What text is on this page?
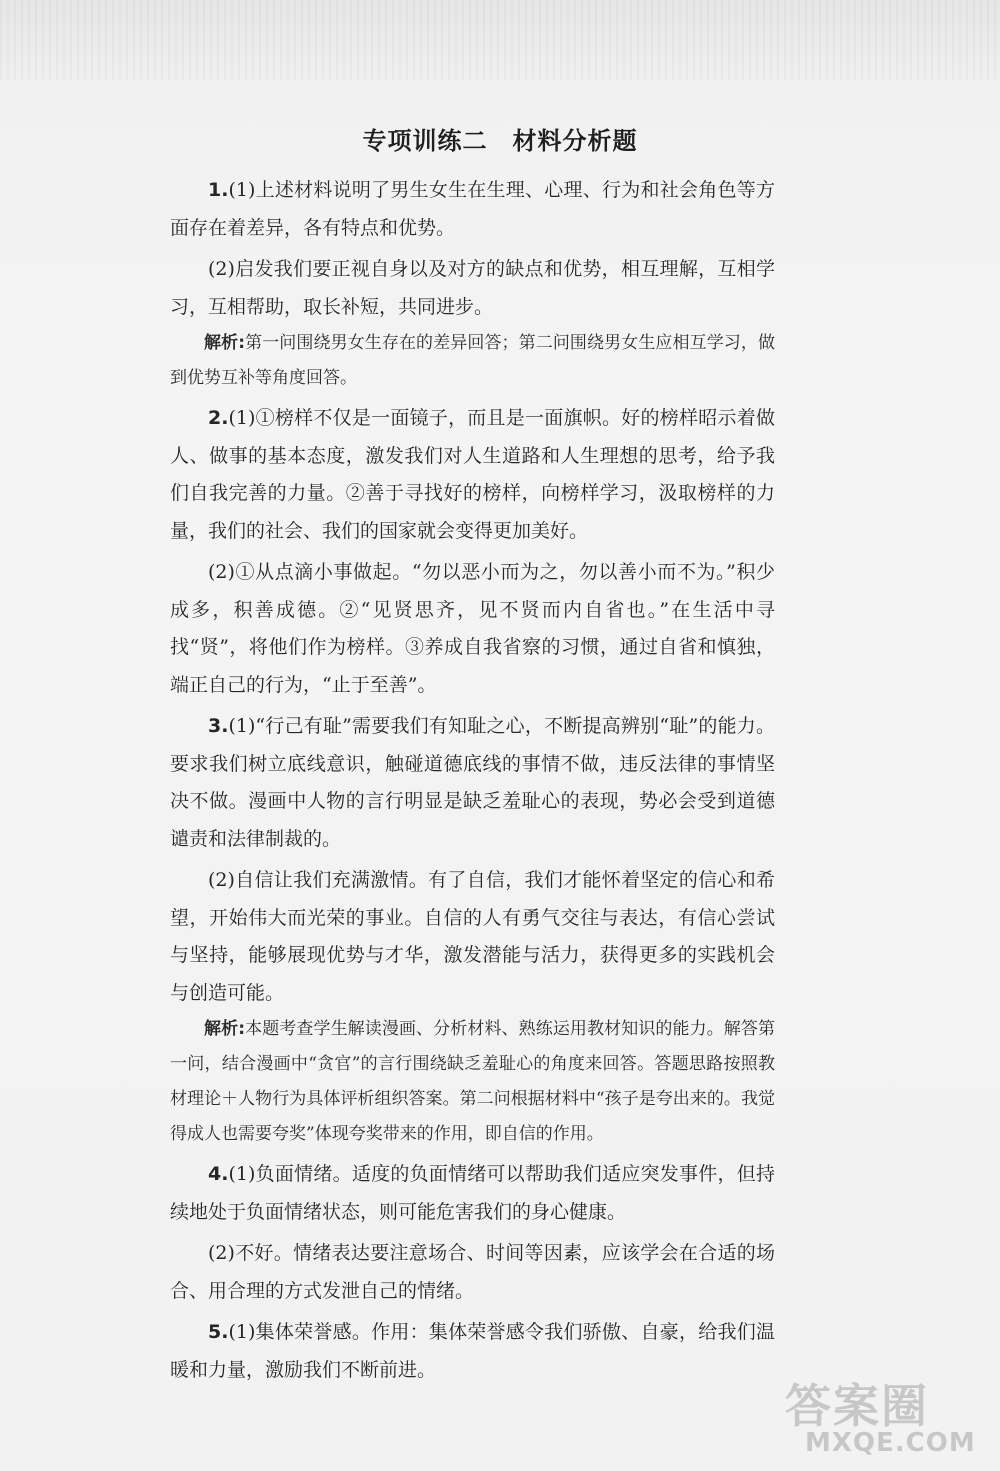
专项训练二　材料分析题

1.(1)上述材料说明了男生女生在生理、心理、行为和社会角色等方面存在着差异，各有特点和优势。

(2)启发我们要正视自身以及对方的缺点和优势，相互理解，互相学习，互相帮助，取长补短，共同进步。

解析:第一问围绕男女生存在的差异回答；第二问围绕男女生应相互学习，做到优势互补等角度回答。

2.(1)①榜样不仅是一面镜子，而且是一面旗帜。好的榜样昭示着做人、做事的基本态度，激发我们对人生道路和人生理想的思考，给予我们自我完善的力量。②善于寻找好的榜样，向榜样学习，汲取榜样的力量，我们的社会、我们的国家就会变得更加美好。

(2)①从点滴小事做起。“勿以恶小而为之，勿以善小而不为。”积少成多，积善成德。②“见贤思齐，见不贤而内自省也。”在生活中寻找“贤”，将他们作为榜样。③养成自我省察的习惯，通过自省和慎独，端正自己的行为，“止于至善”。

3.(1)“行己有耻”需要我们有知耻之心，不断提高辨别“耻”的能力。要求我们树立底线意识，触碰道德底线的事情不做，违反法律的事情坚决不做。漫画中人物的言行明显是缺乏羞耻心的表现，势必会受到道德谴责和法律制裁的。

(2)自信让我们充满激情。有了自信，我们才能怀着坚定的信心和希望，开始伟大而光荣的事业。自信的人有勇气交往与表达，有信心尝试与坚持，能够展现优势与才华，激发潜能与活力，获得更多的实践机会与创造可能。

解析:本题考查学生解读漫画、分析材料、熟练运用教材知识的能力。解答第一问，结合漫画中“贪官”的言行围绕缺乏羞耻心的角度来回答。答题思路按照教材理论＋人物行为具体评析组织答案。第二问根据材料中“孩子是夸出来的。我觉得成人也需要夸奖”体现夸奖带来的作用，即自信的作用。

4.(1)负面情绪。适度的负面情绪可以帮助我们适应突发事件，但持续地处于负面情绪状态，则可能危害我们的身心健康。

(2)不好。情绪表达要注意场合、时间等因素，应该学会在合适的场合、用合理的方式发泄自己的情绪。

5.(1)集体荣誉感。作用：集体荣誉感令我们骄傲、自豪，给我们温暖和力量，激励我们不断前进。

答案圈
MXQE.COM
